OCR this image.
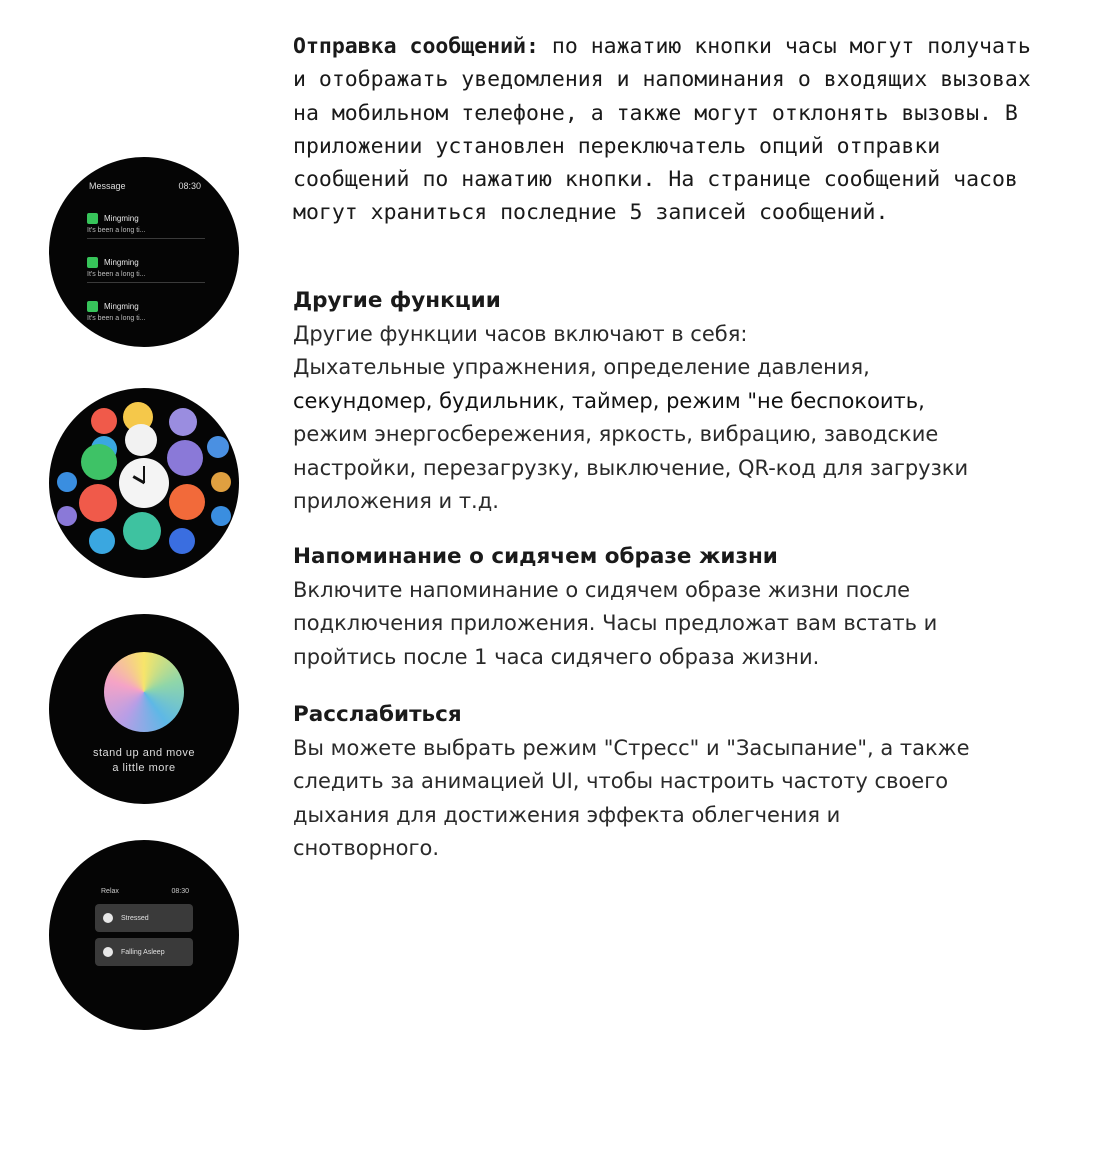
Message	08:30
Mingming
It's been a long ti...
Mingming
It's been a long ti...
Mingming
It's been a long ti...
stand up and move
a little more
Relax	08:30
Stressed
Falling Asleep

Отправка сообщений: по нажатию кнопки часы могут получать и отображать уведомления и напоминания о входящих вызовах на мобильном телефоне, а также могут отклонять вызовы. В приложении установлен переключатель опций отправки сообщений по нажатию кнопки. На странице сообщений часов могут храниться последние 5 записей сообщений.

Другие функции

Другие функции часов включают в себя:

Дыхательные упражнения, определение давления,

секундомер, будильник, таймер, режим "не беспокоить,

режим энергосбережения, яркость, вибрацию, заводские

настройки, перезагрузку, выключение, QR-код для загрузки

приложения и т.д.

Напоминание о сидячем образе жизни

Включите напоминание о сидячем образе жизни после

подключения приложения. Часы предложат вам встать и

пройтись после 1 часа сидячего образа жизни.

Расслабиться

Вы можете выбрать режим "Стресс" и "Засыпание", а также

следить за анимацией UI, чтобы настроить частоту своего

дыхания для достижения эффекта облегчения и

снотворного.
